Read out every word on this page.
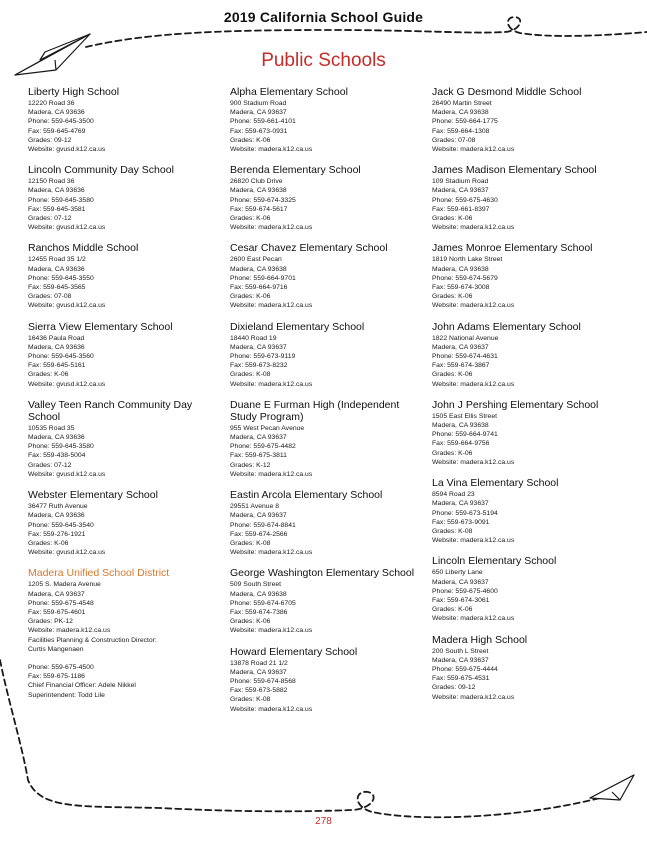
2019 California School Guide
Public Schools
Liberty High School
12220 Road 36
Madera, CA 93636
Phone: 559-645-3500
Fax: 559-645-4769
Grades: 09-12
Website: gvusd.k12.ca.us
Lincoln Community Day School
12150 Road 36
Madera, CA 93636
Phone: 559-645-3580
Fax: 559-645-3581
Grades: 07-12
Website: gvusd.k12.ca.us
Ranchos Middle School
12455 Road 35 1/2
Madera, CA 93636
Phone: 559-645-3550
Fax: 559-645-3565
Grades: 07-08
Website: gvusd.k12.ca.us
Sierra View Elementary School
16436 Paula Road
Madera, CA 93636
Phone: 559-645-3560
Fax: 559-645-5161
Grades: K-06
Website: gvusd.k12.ca.us
Valley Teen Ranch Community Day School
10535 Road 35
Madera, CA 93636
Phone: 559-645-3580
Fax: 559-438-5004
Grades: 07-12
Website: gvusd.k12.ca.us
Webster Elementary School
36477 Ruth Avenue
Madera, CA 93636
Phone: 559-645-3540
Fax: 559-276-1921
Grades: K-06
Website: gvusd.k12.ca.us
Madera Unified School District
1205 S. Madera Avenue
Madera, CA 93637
Phone: 559-675-4548
Fax: 559-675-4601
Grades: PK-12
Website: madera.k12.ca.us
Facilities Planning & Construction Director:
Curtis Mangenaen
Phone: 559-675-4500
Fax: 559-675-1186
Chief Financial Officer: Adele Nikkel
Superintendent: Todd Lile
Alpha Elementary School
900 Stadium Road
Madera, CA 93637
Phone: 559-661-4101
Fax: 559-673-0931
Grades: K-06
Website: madera.k12.ca.us
Berenda Elementary School
26820 Club Drive
Madera, CA 93638
Phone: 559-674-3325
Fax: 559-674-5617
Grades: K-06
Website: madera.k12.ca.us
Cesar Chavez Elementary School
2600 East Pecan
Madera, CA 93638
Phone: 559-664-9701
Fax: 559-664-9716
Grades: K-06
Website: madera.k12.ca.us
Dixieland Elementary School
18440 Road 19
Madera, CA 93637
Phone: 559-673-9119
Fax: 559-673-8232
Grades: K-08
Website: madera.k12.ca.us
Duane E Furman High (Independent Study Program)
955 West Pecan Avenue
Madera, CA 93637
Phone: 559-675-4482
Fax: 559-675-3811
Grades: K-12
Website: madera.k12.ca.us
Eastin Arcola Elementary School
29551 Avenue 8
Madera, CA 93637
Phone: 559-674-8841
Fax: 559-674-2566
Grades: K-08
Website: madera.k12.ca.us
George Washington Elementary School
509 South Street
Madera, CA 93638
Phone: 559-674-6705
Fax: 559-674-7386
Grades: K-06
Website: madera.k12.ca.us
Howard Elementary School
13878 Road 21 1/2
Madera, CA 93637
Phone: 559-674-8568
Fax: 559-673-5882
Grades: K-08
Website: madera.k12.ca.us
Jack G Desmond Middle School
26490 Martin Street
Madera, CA 93638
Phone: 559-664-1775
Fax: 559-664-1308
Grades: 07-08
Website: madera.k12.ca.us
James Madison Elementary School
109 Stadium Road
Madera, CA 93637
Phone: 559-675-4630
Fax: 559-661-8397
Grades: K-06
Website: madera.k12.ca.us
James Monroe Elementary School
1819 North Lake Street
Madera, CA 93638
Phone: 559-674-5679
Fax: 559-674-3008
Grades: K-06
Website: madera.k12.ca.us
John Adams Elementary School
1822 National Avenue
Madera, CA 93637
Phone: 559-674-4631
Fax: 559-674-3867
Grades: K-06
Website: madera.k12.ca.us
John J Pershing Elementary School
1505 East Ellis Street
Madera, CA 93638
Phone: 559-664-9741
Fax: 559-664-9756
Grades: K-06
Website: madera.k12.ca.us
La Vina Elementary School
8594 Road 23
Madera, CA 93637
Phone: 559-673-5194
Fax: 559-673-9091
Grades: K-08
Website: madera.k12.ca.us
Lincoln Elementary School
650 Liberty Lane
Madera, CA 93637
Phone: 559-675-4600
Fax: 559-674-3061
Grades: K-06
Website: madera.k12.ca.us
Madera High School
200 South L Street
Madera, CA 93637
Phone: 559-675-4444
Fax: 559-675-4531
Grades: 09-12
Website: madera.k12.ca.us
278
